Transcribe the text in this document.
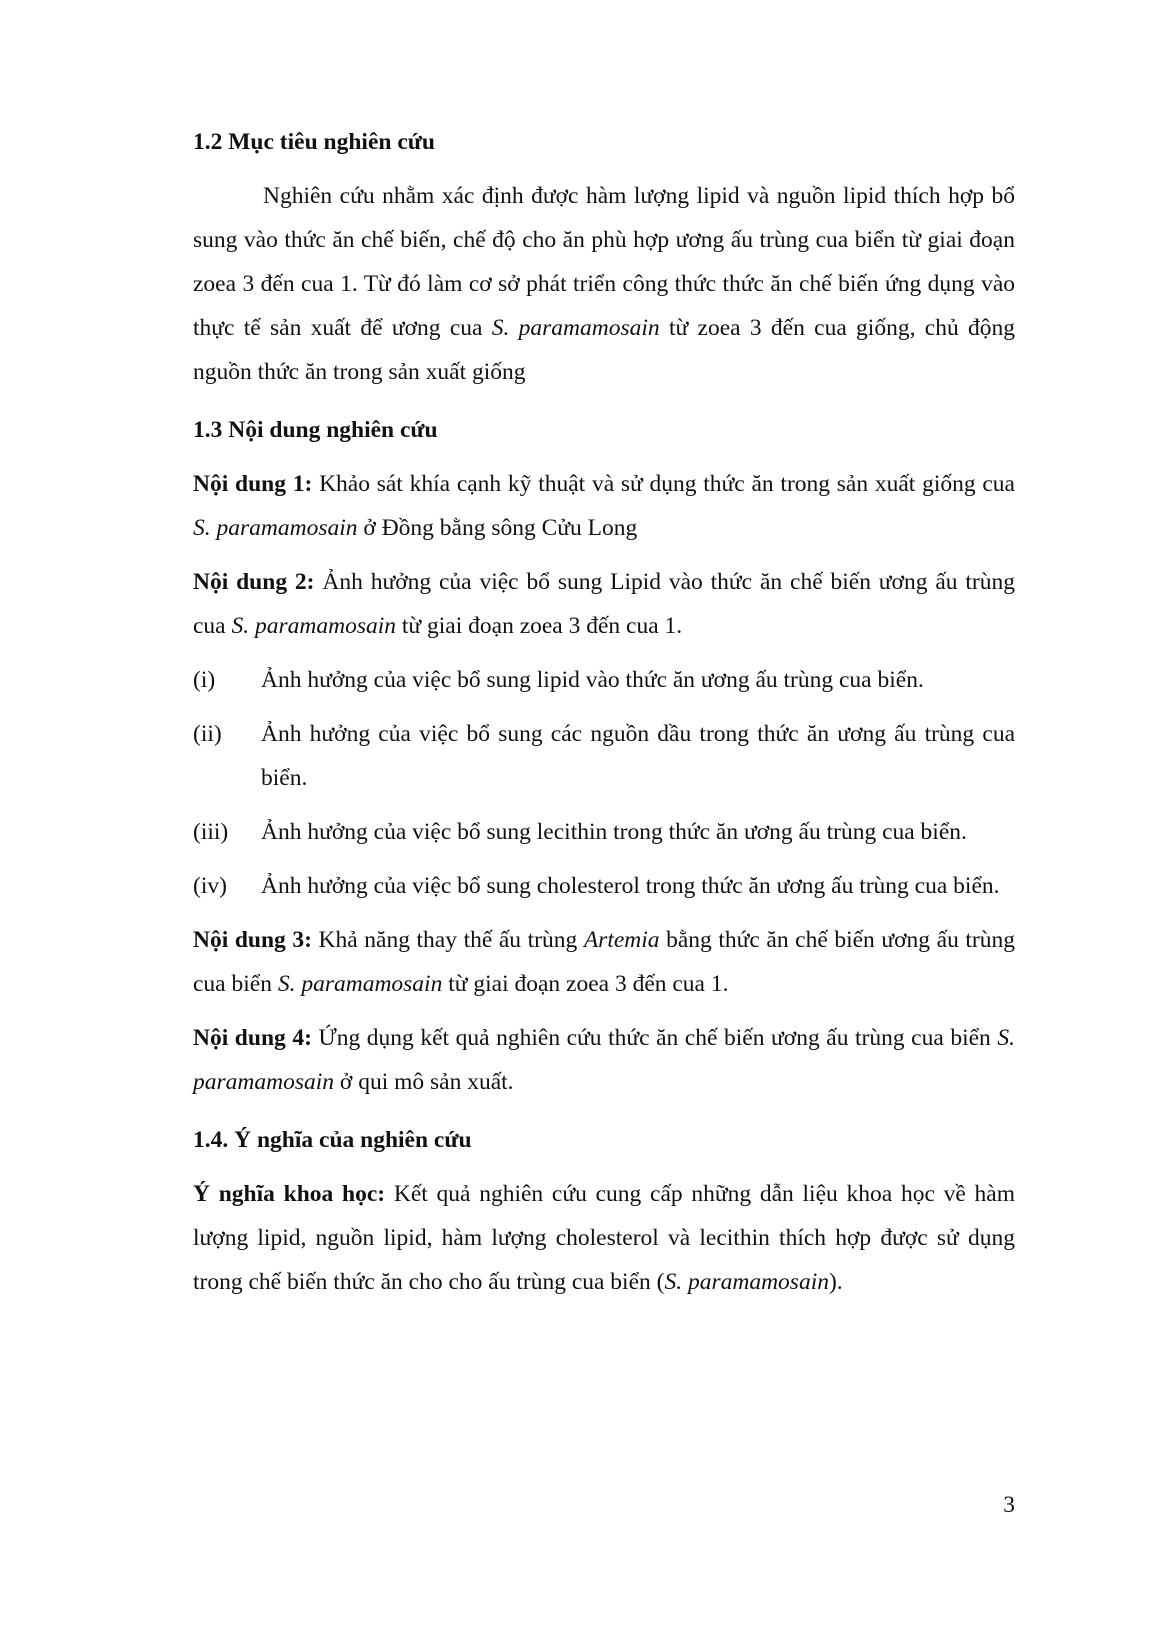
1.2 Mục tiêu nghiên cứu

Nghiên cứu nhằm xác định được hàm lượng lipid và nguồn lipid thích hợp bổ sung vào thức ăn chế biến, chế độ cho ăn phù hợp ương ấu trùng cua biển từ giai đoạn zoea 3 đến cua 1. Từ đó làm cơ sở phát triển công thức thức ăn chế biến ứng dụng vào thực tế sản xuất để ương cua S. paramamosain từ zoea 3 đến cua giống, chủ động nguồn thức ăn trong sản xuất giống

1.3 Nội dung nghiên cứu

Nội dung 1: Khảo sát khía cạnh kỹ thuật và sử dụng thức ăn trong sản xuất giống cua S. paramamosain ở Đồng bằng sông Cửu Long

Nội dung 2: Ảnh hưởng của việc bổ sung Lipid vào thức ăn chế biến ương ấu trùng cua S. paramamosain từ giai đoạn zoea 3 đến cua 1.

(i) Ảnh hưởng của việc bổ sung lipid vào thức ăn ương ấu trùng cua biển.

(ii) Ảnh hưởng của việc bổ sung các nguồn dầu trong thức ăn ương ấu trùng cua biển.

(iii) Ảnh hưởng của việc bổ sung lecithin trong thức ăn ương ấu trùng cua biển.

(iv) Ảnh hưởng của việc bổ sung cholesterol trong thức ăn ương ấu trùng cua biển.

Nội dung 3: Khả năng thay thế ấu trùng Artemia bằng thức ăn chế biến ương ấu trùng cua biển S. paramamosain từ giai đoạn zoea 3 đến cua 1.

Nội dung 4: Ứng dụng kết quả nghiên cứu thức ăn chế biến ương ấu trùng cua biển S. paramamosain ở qui mô sản xuất.

1.4. Ý nghĩa của nghiên cứu

Ý nghĩa khoa học: Kết quả nghiên cứu cung cấp những dẫn liệu khoa học về hàm lượng lipid, nguồn lipid, hàm lượng cholesterol và lecithin thích hợp được sử dụng trong chế biến thức ăn cho cho ấu trùng cua biển (S. paramamosain).

3
